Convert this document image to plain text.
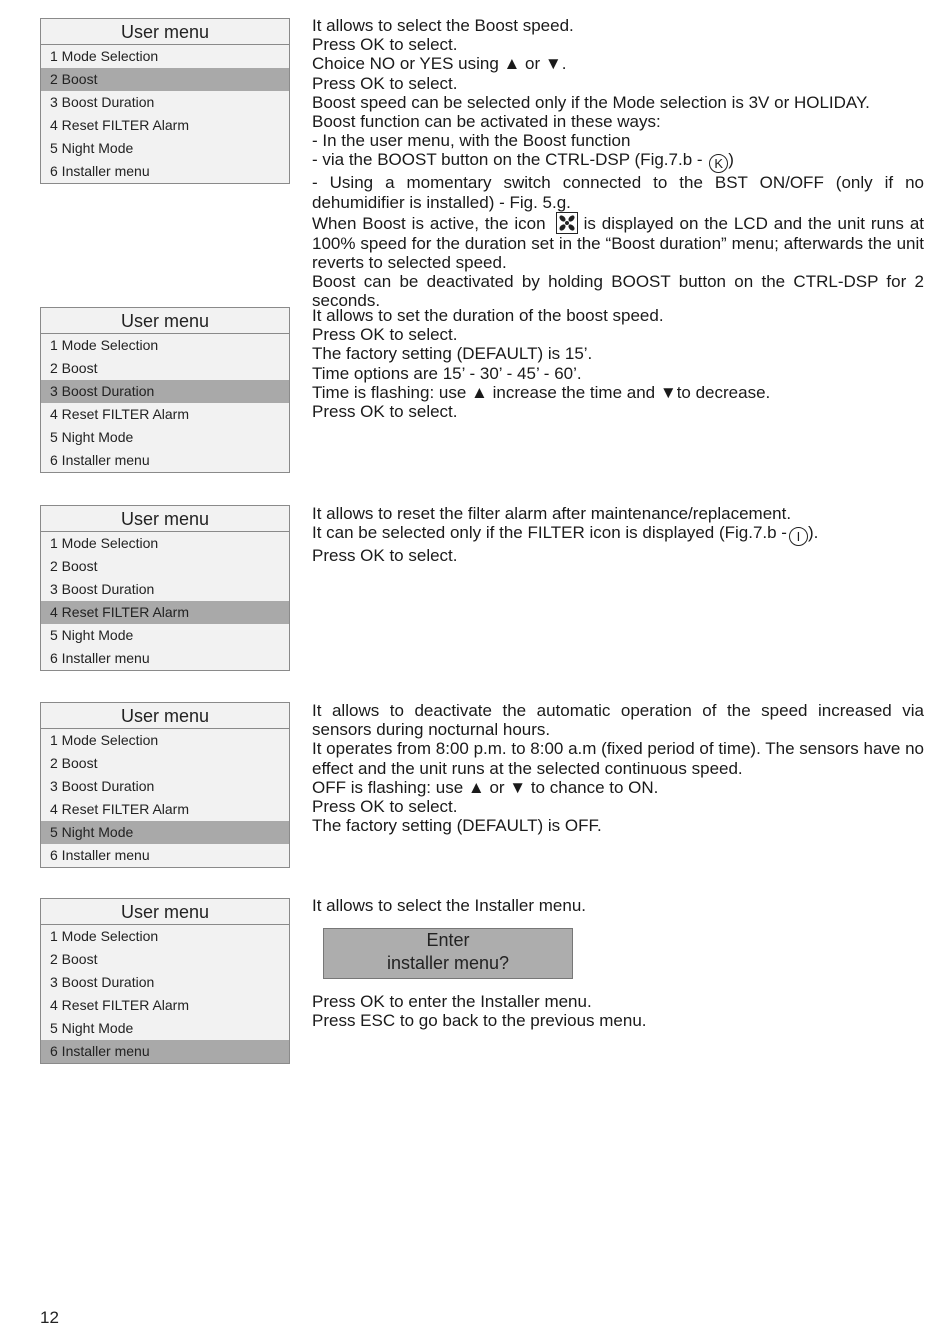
User menu
1 Mode Selection
2 Boost
3 Boost Duration
4 Reset FILTER Alarm
5 Night Mode
6 Installer menu
It allows to select the Boost speed.
Press OK to select.
Choice NO or YES using ▲ or ▼.
Press OK to select.
Boost speed can be selected only if the Mode selection is 3V or HOLIDAY.
Boost function can be activated in these ways:
- In the user menu, with the Boost function
- via the BOOST button on the CTRL-DSP (Fig.7.b - K )
- Using a momentary switch connected to the BST ON/OFF (only if no dehumidifier is installed) - Fig. 5.g.
When Boost is active, the icon is displayed on the LCD and the unit runs at 100% speed for the duration set in the “Boost duration” menu; afterwards the unit reverts to selected speed.
Boost can be deactivated by holding BOOST button on the CTRL-DSP for 2 seconds.
User menu
1 Mode Selection
2 Boost
3 Boost Duration
4 Reset FILTER Alarm
5 Night Mode
6 Installer menu
It allows to set the duration of the boost speed.
Press OK to select.
The factory setting (DEFAULT) is 15’.
Time options are 15’ - 30’ - 45’ - 60’.
Time is flashing: use ▲ increase the time and ▼to decrease.
Press OK to select.
User menu
1 Mode Selection
2 Boost
3 Boost Duration
4 Reset FILTER Alarm
5 Night Mode
6 Installer menu
It allows to reset the filter alarm after maintenance/replacement.
It can be selected only if the FILTER icon is displayed (Fig.7.b - I ).
Press OK to select.
User menu
1 Mode Selection
2 Boost
3 Boost Duration
4 Reset FILTER Alarm
5 Night Mode
6 Installer menu
It allows to deactivate the automatic operation of the speed increased via sensors during nocturnal hours.
It operates from 8:00 p.m. to 8:00 a.m (fixed period of time). The sensors have no effect and the unit runs at the selected continuous speed.
OFF is flashing: use ▲ or ▼ to chance to ON.
Press OK to select.
The factory setting (DEFAULT) is OFF.
User menu
1 Mode Selection
2 Boost
3 Boost Duration
4 Reset FILTER Alarm
5 Night Mode
6 Installer menu
It allows to select the Installer menu.
Enter
installer menu?
Press OK to enter the Installer menu.
Press ESC to go back to the previous menu.
12
